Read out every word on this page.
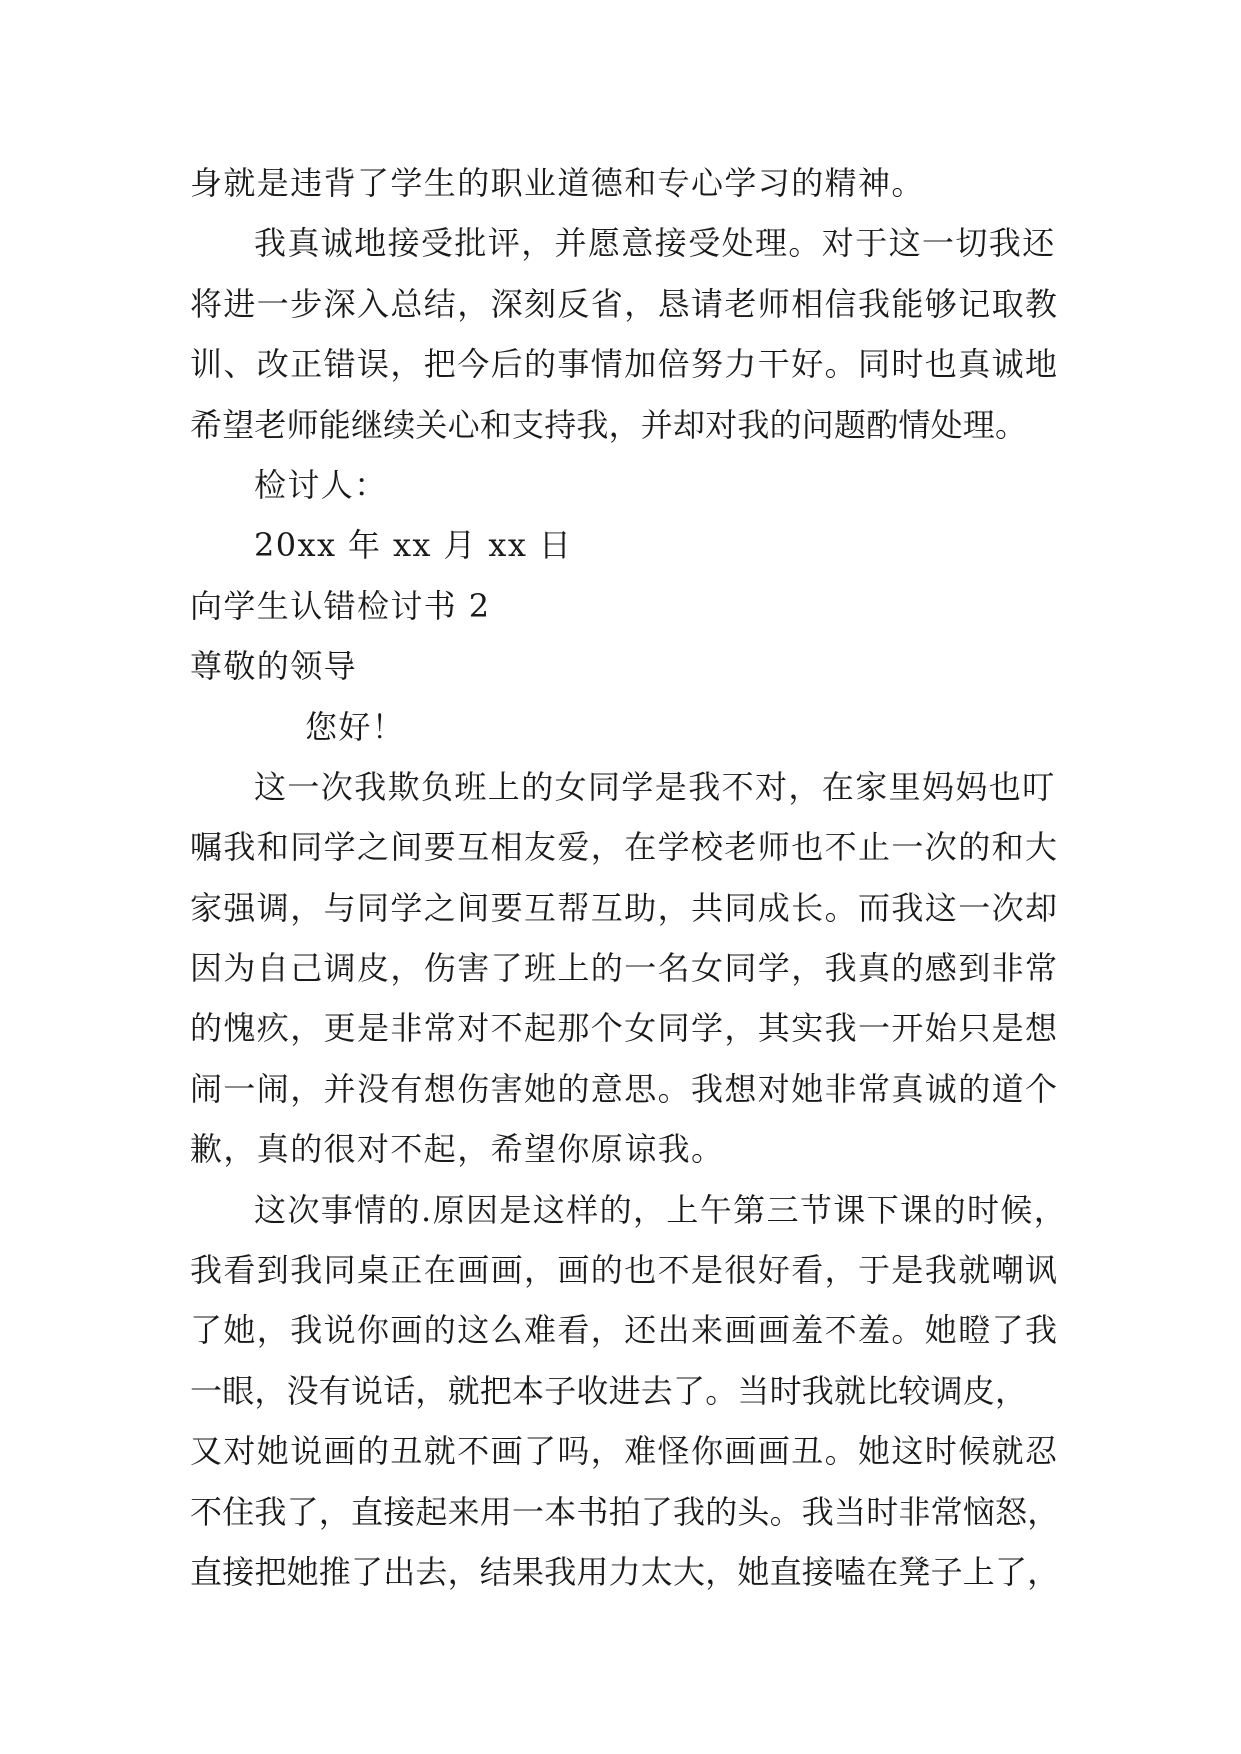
身就是违背了学生的职业道德和专心学习的精神。
我真诚地接受批评，并愿意接受处理。对于这一切我还
将进一步深入总结，深刻反省，恳请老师相信我能够记取教
训、改正错误，把今后的事情加倍努力干好。同时也真诚地
希望老师能继续关心和支持我，并却对我的问题酌情处理。
检讨人：
20xx 年 xx 月 xx 日
向学生认错检讨书 2
尊敬的领导
您好！
这一次我欺负班上的女同学是我不对，在家里妈妈也叮
嘱我和同学之间要互相友爱，在学校老师也不止一次的和大
家强调，与同学之间要互帮互助，共同成长。而我这一次却
因为自己调皮，伤害了班上的一名女同学，我真的感到非常
的愧疚，更是非常对不起那个女同学，其实我一开始只是想
闹一闹，并没有想伤害她的意思。我想对她非常真诚的道个
歉，真的很对不起，希望你原谅我。
这次事情的.原因是这样的，上午第三节课下课的时候，
我看到我同桌正在画画，画的也不是很好看，于是我就嘲讽
了她，我说你画的这么难看，还出来画画羞不羞。她瞪了我
一眼，没有说话，就把本子收进去了。当时我就比较调皮，
又对她说画的丑就不画了吗，难怪你画画丑。她这时候就忍
不住我了，直接起来用一本书拍了我的头。我当时非常恼怒，
直接把她推了出去，结果我用力太大，她直接嗑在凳子上了，
